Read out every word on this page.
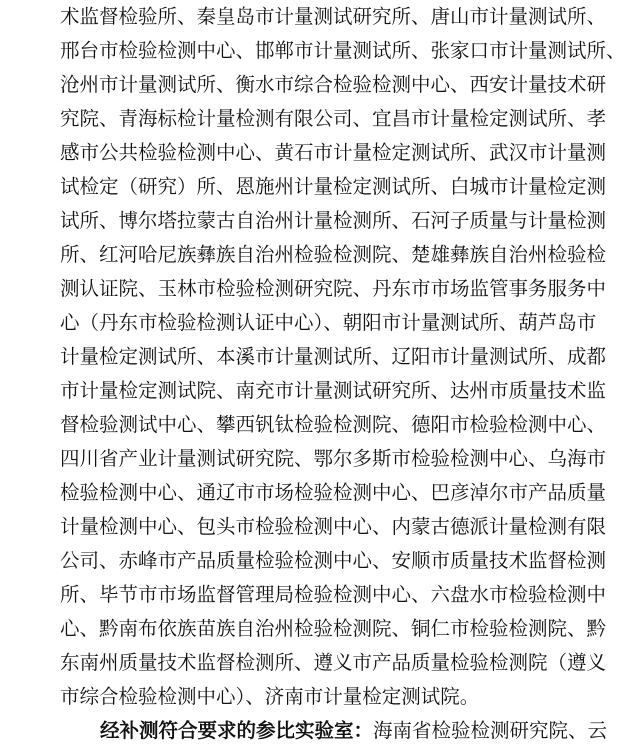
术监督检验所、秦皇岛市计量测试研究所、唐山市计量测试所、
邢台市检验检测中心、邯郸市计量测试所、张家口市计量测试所、
沧州市计量测试所、衡水市综合检验检测中心、西安计量技术研
究院、青海标检计量检测有限公司、宜昌市计量检定测试所、孝
感市公共检验检测中心、黄石市计量检定测试所、武汉市计量测
试检定（研究）所、恩施州计量检定测试所、白城市计量检定测
试所、博尔塔拉蒙古自治州计量检测所、石河子质量与计量检测
所、红河哈尼族彝族自治州检验检测院、楚雄彝族自治州检验检
测认证院、玉林市检验检测研究院、丹东市市场监管事务服务中
心（丹东市检验检测认证中心）、朝阳市计量测试所、葫芦岛市
计量检定测试所、本溪市计量测试所、辽阳市计量测试所、成都
市计量检定测试院、南充市计量测试研究所、达州市质量技术监
督检验测试中心、攀西钒钛检验检测院、德阳市检验检测中心、
四川省产业计量测试研究院、鄂尔多斯市检验检测中心、乌海市
检验检测中心、通辽市市场检验检测中心、巴彦淖尔市产品质量
计量检测中心、包头市检验检测中心、内蒙古德派计量检测有限
公司、赤峰市产品质量检验检测中心、安顺市质量技术监督检测
所、毕节市市场监督管理局检验检测中心、六盘水市检验检测中
心、黔南布依族苗族自治州检验检测院、铜仁市检验检测院、黔
东南州质量技术监督检测所、遵义市产品质量检验检测院（遵义
市综合检验检测中心）、济南市计量检定测试院。
经补测符合要求的参比实验室：海南省检验检测研究院、云
